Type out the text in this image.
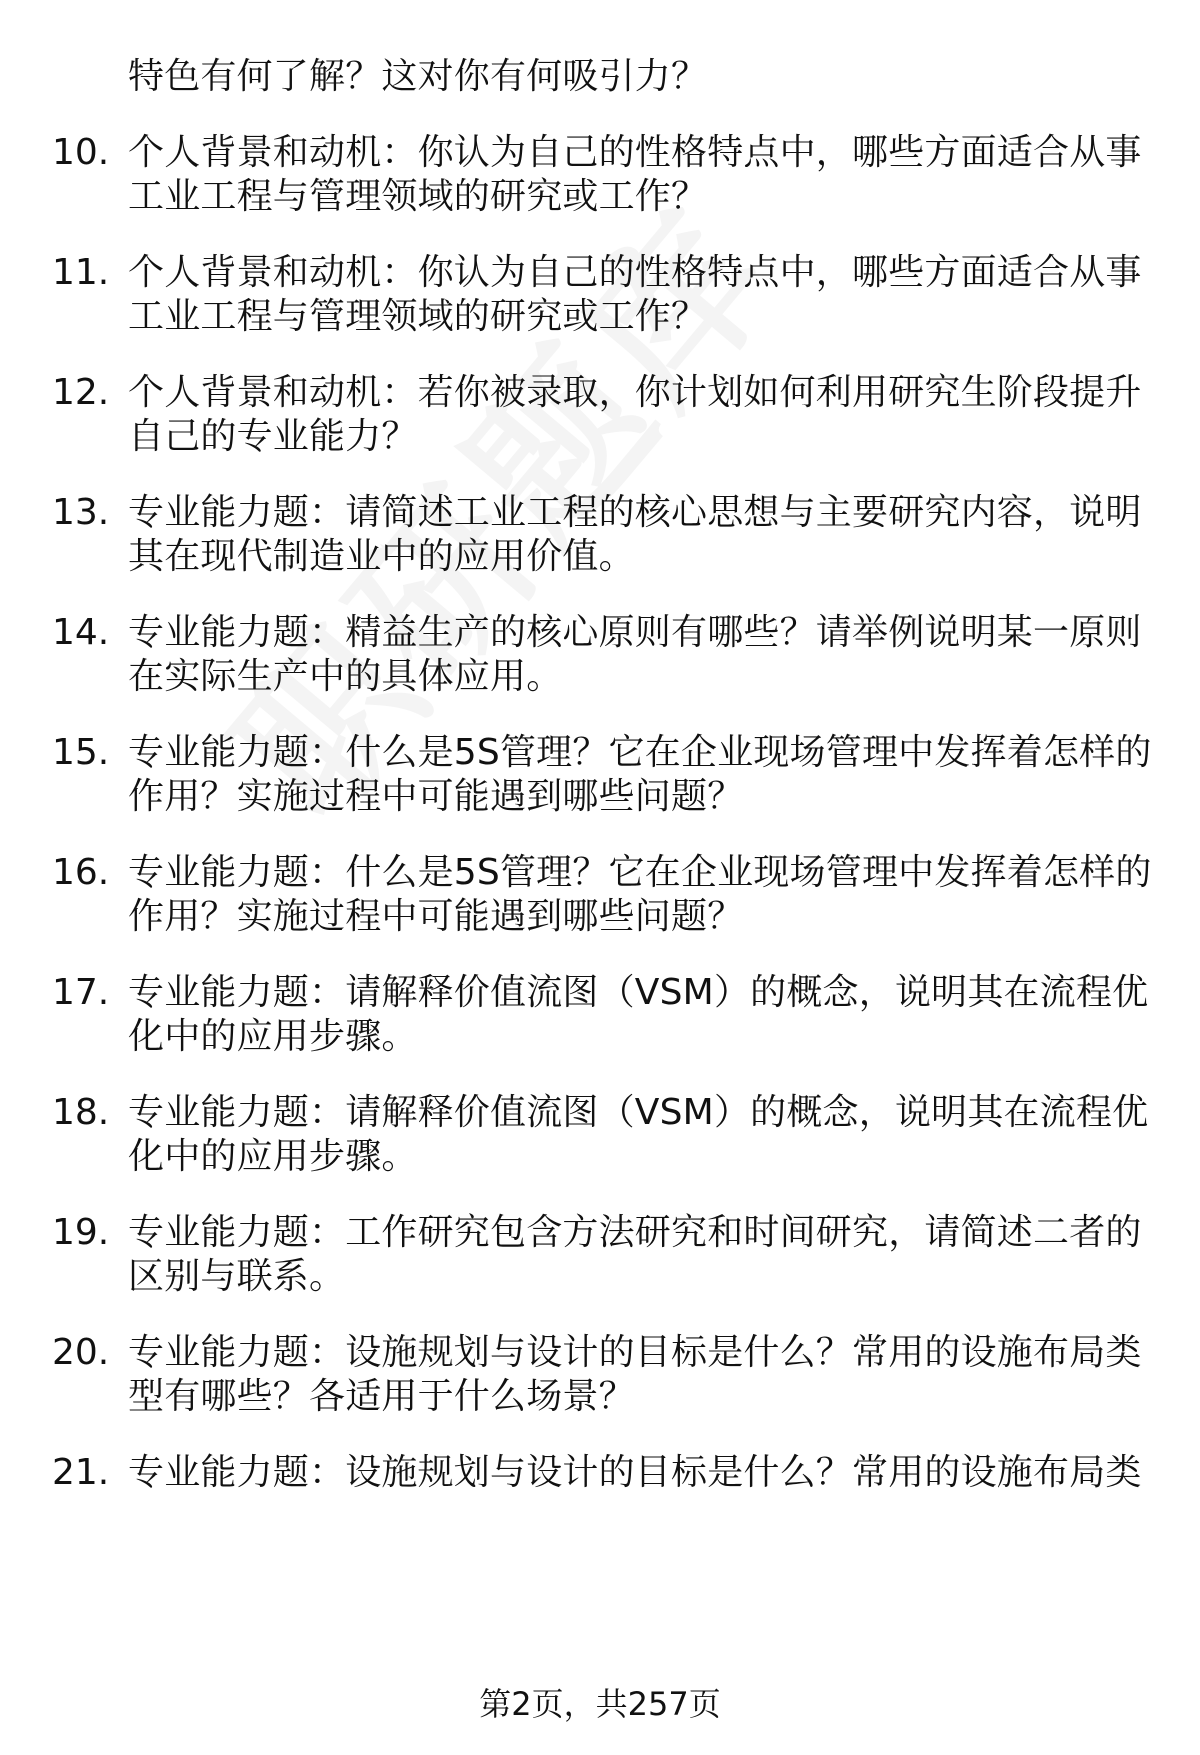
特色有何了解？这对你有何吸引力？
10. 个人背景和动机：你认为自己的性格特点中，哪些方面适合从事
工业工程与管理领域的研究或工作？
11. 个人背景和动机：你认为自己的性格特点中，哪些方面适合从事
工业工程与管理领域的研究或工作？
12. 个人背景和动机：若你被录取，你计划如何利用研究生阶段提升
自己的专业能力？
13. 专业能力题：请简述工业工程的核心思想与主要研究内容，说明
其在现代制造业中的应用价值。
14. 专业能力题：精益生产的核心原则有哪些？请举例说明某一原则
在实际生产中的具体应用。
15. 专业能力题：什么是5S管理？它在企业现场管理中发挥着怎样的
作用？实施过程中可能遇到哪些问题？
16. 专业能力题：什么是5S管理？它在企业现场管理中发挥着怎样的
作用？实施过程中可能遇到哪些问题？
17. 专业能力题：请解释价值流图（VSM）的概念，说明其在流程优
化中的应用步骤。
18. 专业能力题：请解释价值流图（VSM）的概念，说明其在流程优
化中的应用步骤。
19. 专业能力题：工作研究包含方法研究和时间研究，请简述二者的
区别与联系。
20. 专业能力题：设施规划与设计的目标是什么？常用的设施布局类
型有哪些？各适用于什么场景？
21. 专业能力题：设施规划与设计的目标是什么？常用的设施布局类
第2页，共257页
